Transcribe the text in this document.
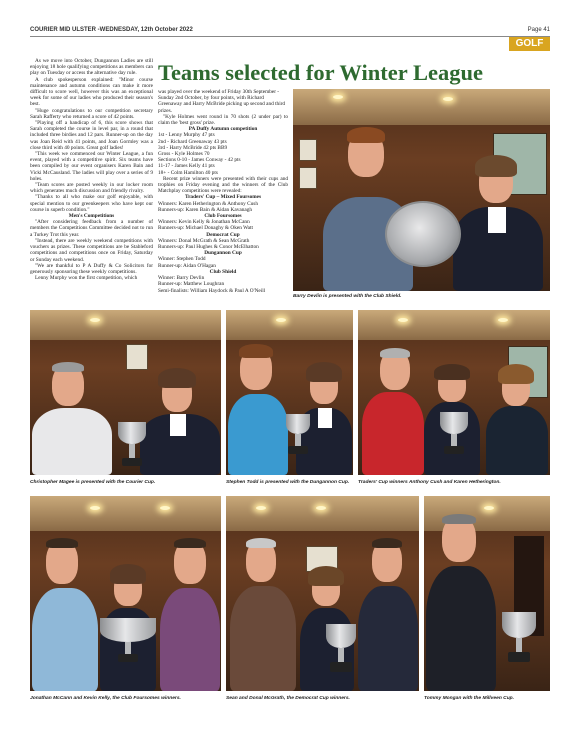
COURIER MID ULSTER -WEDNESDAY, 12th October 2022	Page 41
GOLF
Teams selected for Winter League

As we move into October, Dungannon Ladies are still enjoying 18 hole qualifying competitions as members can play on Tuesday or access the alternative day rule.

A club spokesperson explained: "Minor course maintenance and autumn conditions can make it more difficult to score well, however this was an exceptional week for some of our ladies who produced their season's best.

"Huge congratulations to our competition secretary Sarah Rafferty who returned a score of 42 points.

"Playing off a handicap of 6, this score shows that Sarah completed the course in level par, in a round that included three birdies and 12 pars. Runner-up on the day was Joan Reid with 41 points, and Joan Gormley was a close third with 40 points. Great golf ladies!

"This week we commenced our Winter League, a fun event, played with a competitive spirit. Six teams have been compiled by our event organisers Karen Bain and Vicki McCausland. The ladies will play over a series of 9 holes.

"Team scores are posted weekly in our locker room which generates much discussion and friendly rivalry.

"Thanks to all who make our golf enjoyable, with special mention to our greenkeepers who have kept our course in superb condition."

Men's Competitions

"After considering feedback from a number of members the Competitions Committee decided not to run a Turkey Trot this year.

"Instead, there are weekly weekend competitions with vouchers as prizes. These competitions are be Stableford competitions and competitions once on Friday, Saturday or Sunday each weekend.

"We are thankful to P A Duffy & Co Solicitors for generously sponsoring these weekly competitions.

Lenny Murphy won the first competition, which

was played over the weekend of Friday 30th September - Sunday 2nd October, by four points, with Richard Greenaway and Harry McBride picking up second and third prizes.

"Kyle Holmes went round in 70 shots (2 under par) to claim the 'best gross' prize.

PA Duffy Autumn competition

1st - Lenny Murphy 47 pts

2nd - Richard Greenaway 43 pts

3rd - Harry McBride 42 pts BB9

Gross - Kyle Holmes 70

Sections 0-10 - James Conway - 42 pts

11-17 - James Kelly 41 pts

18+ - Colm Hamilton 40 pts

Recent prize winners were presented with their cups and trophies on Friday evening and the winners of the Club Matchplay competitions were revealed:

Traders' Cup – Mixed Foursomes

Winners: Karen Hetherington & Anthony Cush

Runners-up: Karen Bain & Aidan Kavanagh

Club Foursomes

Winners: Kevin Kelly & Jonathan McCann

Runners-up: Michael Donaghy & Oken Watt

Democrat Cup

Winners: Donal McGrath & Sean McGrath

Runners-up: Paul Hughes & Conor McElhatton

Dungannon Cup

Winner: Stephen Todd

Runner-up: Aidan O'Hagan

Club Shield

Winner: Barry Devlin

Runner-up: Matthew Loughran

Semi-finalists: William Haydock & Paul A O'Neill

Barry Devlin is presented with the Club Shield.
Christopher Magee is presented with the Courier Cup.	Stephen Todd is presented with the Dungannon Cup.	Traders' Cup winners Anthony Cush and Karen Hetherington.
Jonathan McCann and Kevin Kelly, the Club Foursomes winners.	Sean and Donal McGrath, the Democrat Cup winners.	Tommy Mongan with the Millveen Cup.
